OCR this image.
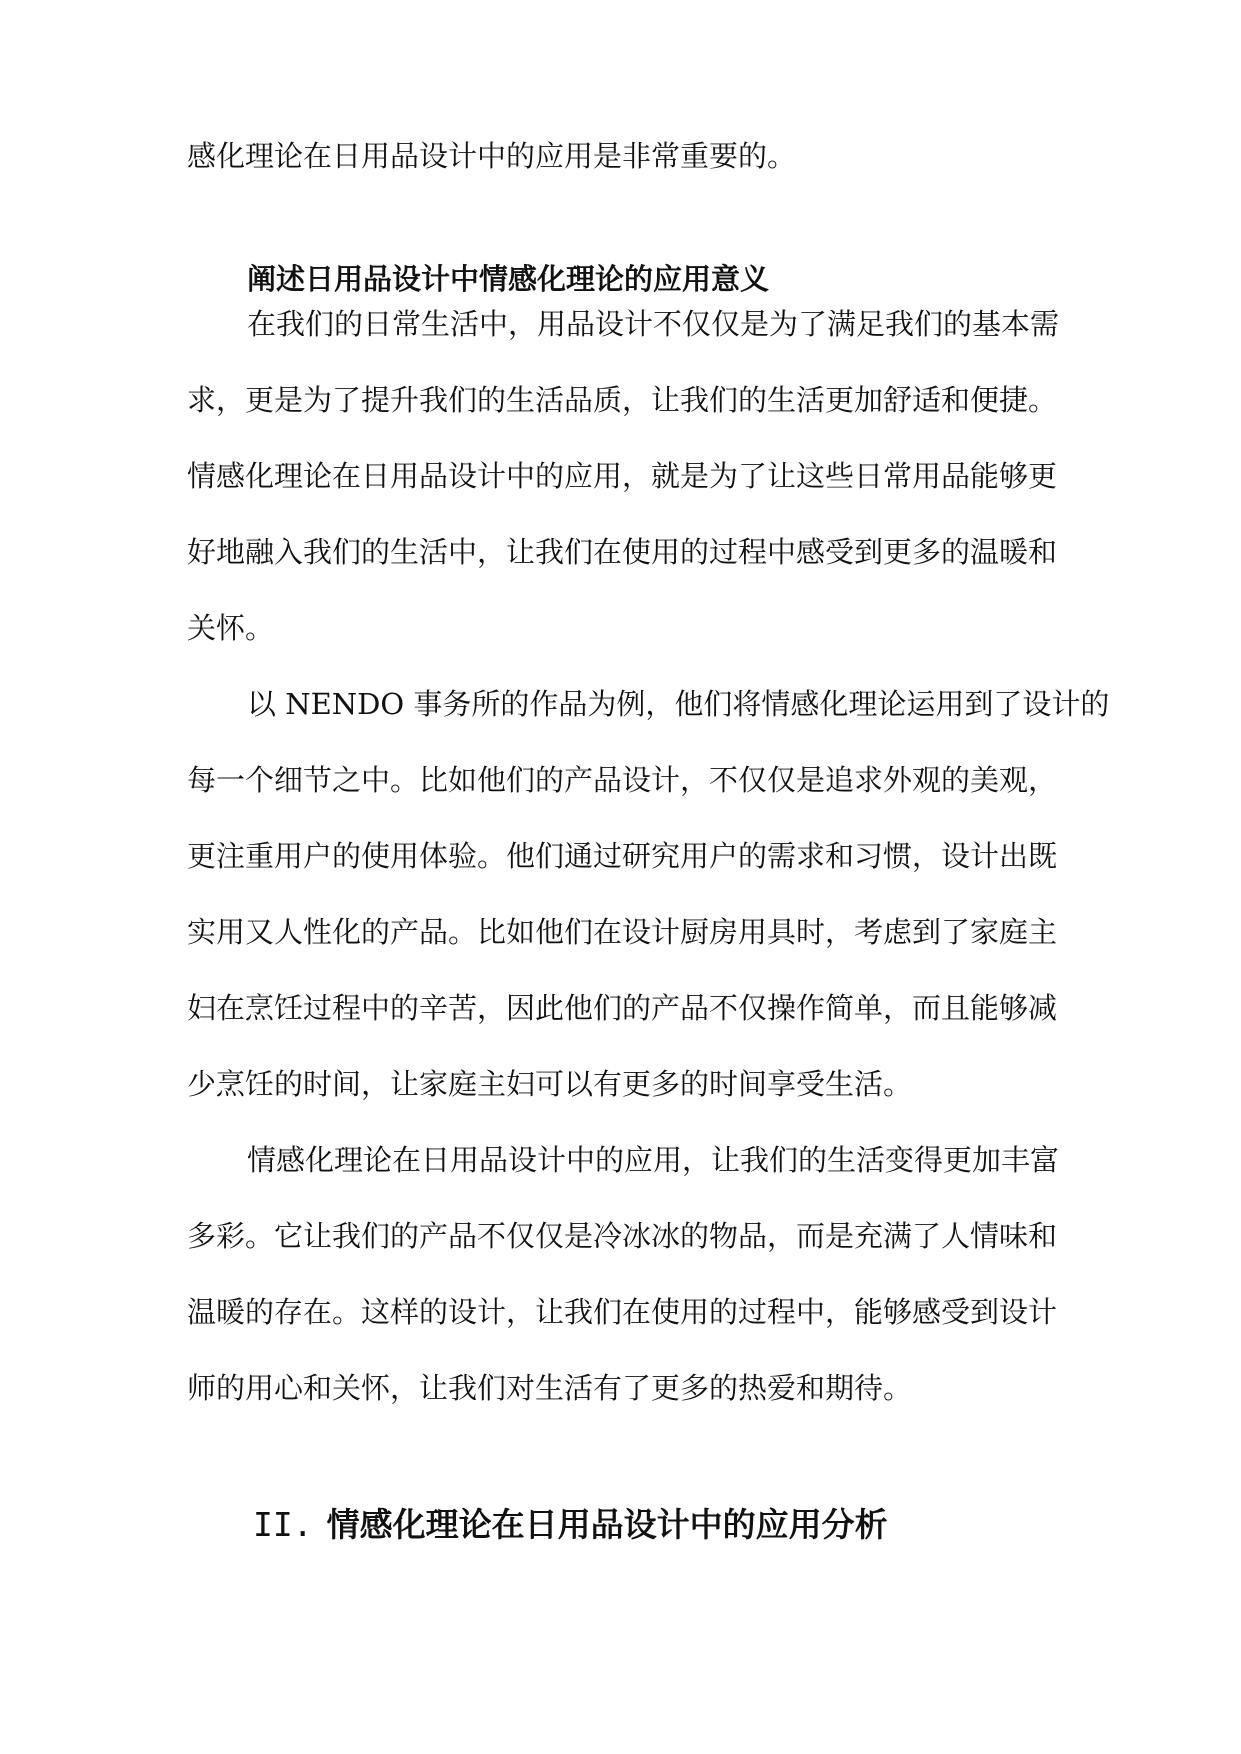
感化理论在日用品设计中的应用是非常重要的。

阐述日用品设计中情感化理论的应用意义

在我们的日常生活中，用品设计不仅仅是为了满足我们的基本需

求，更是为了提升我们的生活品质，让我们的生活更加舒适和便捷。

情感化理论在日用品设计中的应用，就是为了让这些日常用品能够更

好地融入我们的生活中，让我们在使用的过程中感受到更多的温暖和

关怀。

以 NENDO 事务所的作品为例，他们将情感化理论运用到了设计的

每一个细节之中。比如他们的产品设计，不仅仅是追求外观的美观，

更注重用户的使用体验。他们通过研究用户的需求和习惯，设计出既

实用又人性化的产品。比如他们在设计厨房用具时，考虑到了家庭主

妇在烹饪过程中的辛苦，因此他们的产品不仅操作简单，而且能够减

少烹饪的时间，让家庭主妇可以有更多的时间享受生活。

情感化理论在日用品设计中的应用，让我们的生活变得更加丰富

多彩。它让我们的产品不仅仅是冷冰冰的物品，而是充满了人情味和

温暖的存在。这样的设计，让我们在使用的过程中，能够感受到设计

师的用心和关怀，让我们对生活有了更多的热爱和期待。

II. 情感化理论在日用品设计中的应用分析
